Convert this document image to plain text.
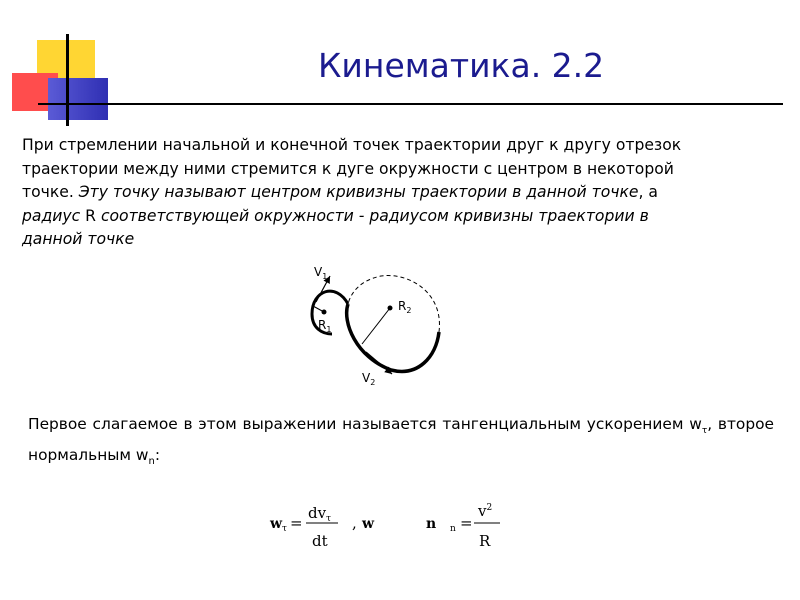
Кинематика. 2.2
При стремлении начальной и конечной точек траектории друг к другу отрезок
траектории между ними стремится к дуге окружности с центром в некоторой
точке. Эту точку называют центром кривизны траектории в данной точке, а
радиус R соответствующей окружности - радиусом кривизны траектории в
данной точке
$V_1$
$R_1$
$R_2$
$V_2$
Первое слагаемое в этом выражении называется тангенциальным ускорением $w_\tau$, второе нормальным $w_n$:
w τ =
$dv_\tau$
dt
, w	n n =
$v^2$
R
